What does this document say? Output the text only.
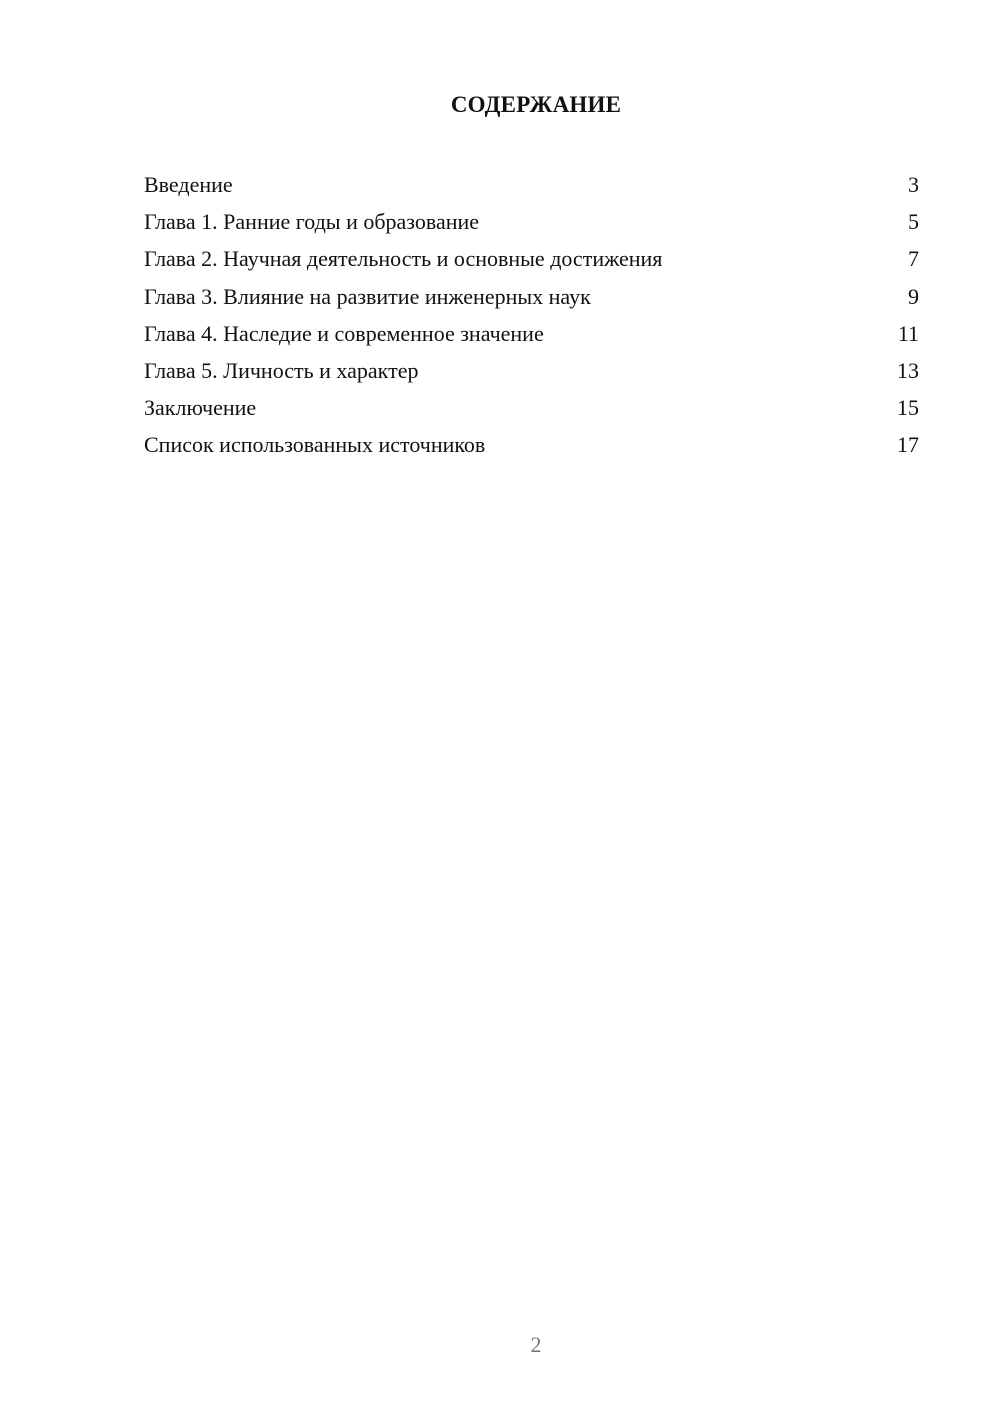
СОДЕРЖАНИЕ
Введение	3
Глава 1. Ранние годы и образование	5
Глава 2. Научная деятельность и основные достижения	7
Глава 3. Влияние на развитие инженерных наук	9
Глава 4. Наследие и современное значение	11
Глава 5. Личность и характер	13
Заключение	15
Список использованных источников	17
2
